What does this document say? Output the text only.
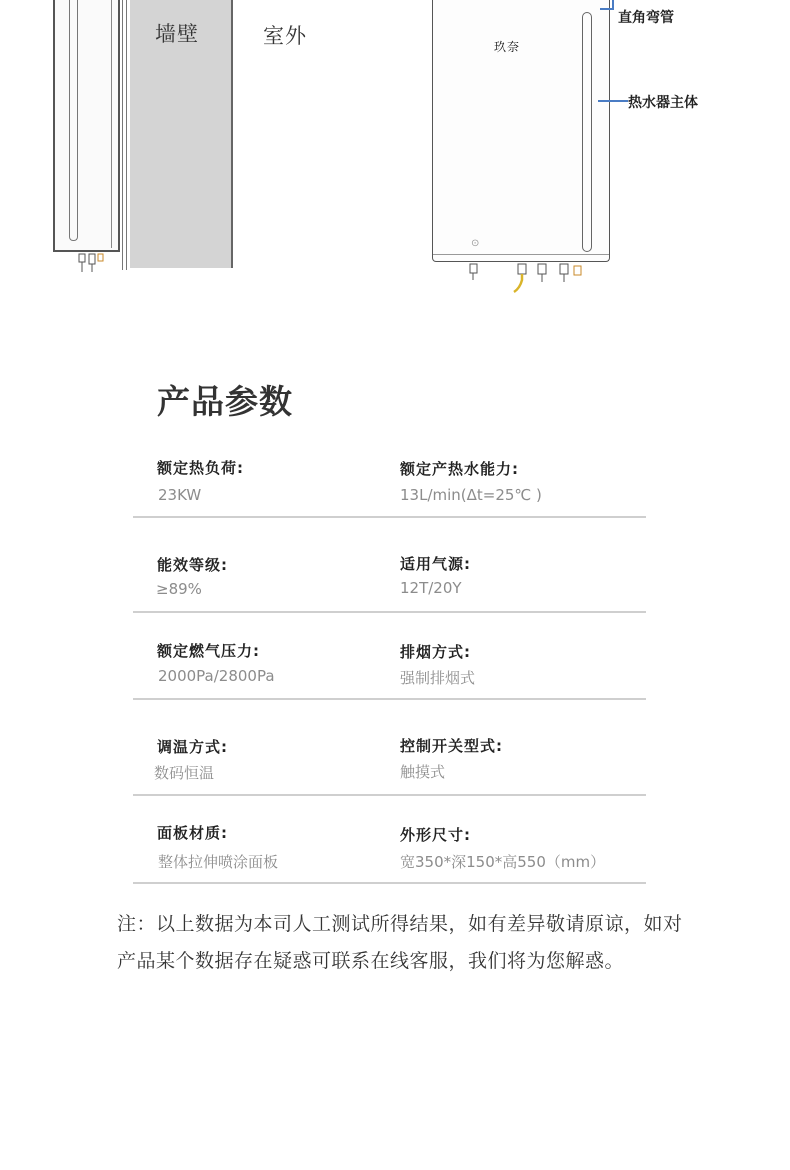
墙壁	室外
⊙
玖奈
直角弯管
热水器主体
产品参数
额定热负荷:
23KW
额定产热水能力:
13L/min(Δt=25℃ )
能效等级:
≥89%
适用气源:
12T/20Y
额定燃气压力:
2000Pa/2800Pa
排烟方式:
强制排烟式
调温方式:
数码恒温
控制开关型式:
触摸式
面板材质:
整体拉伸喷涂面板
外形尺寸:
宽350*深150*高550（mm）
注：以上数据为本司人工测试所得结果，如有差异敬请原谅，如对
产品某个数据存在疑惑可联系在线客服，我们将为您解惑。
